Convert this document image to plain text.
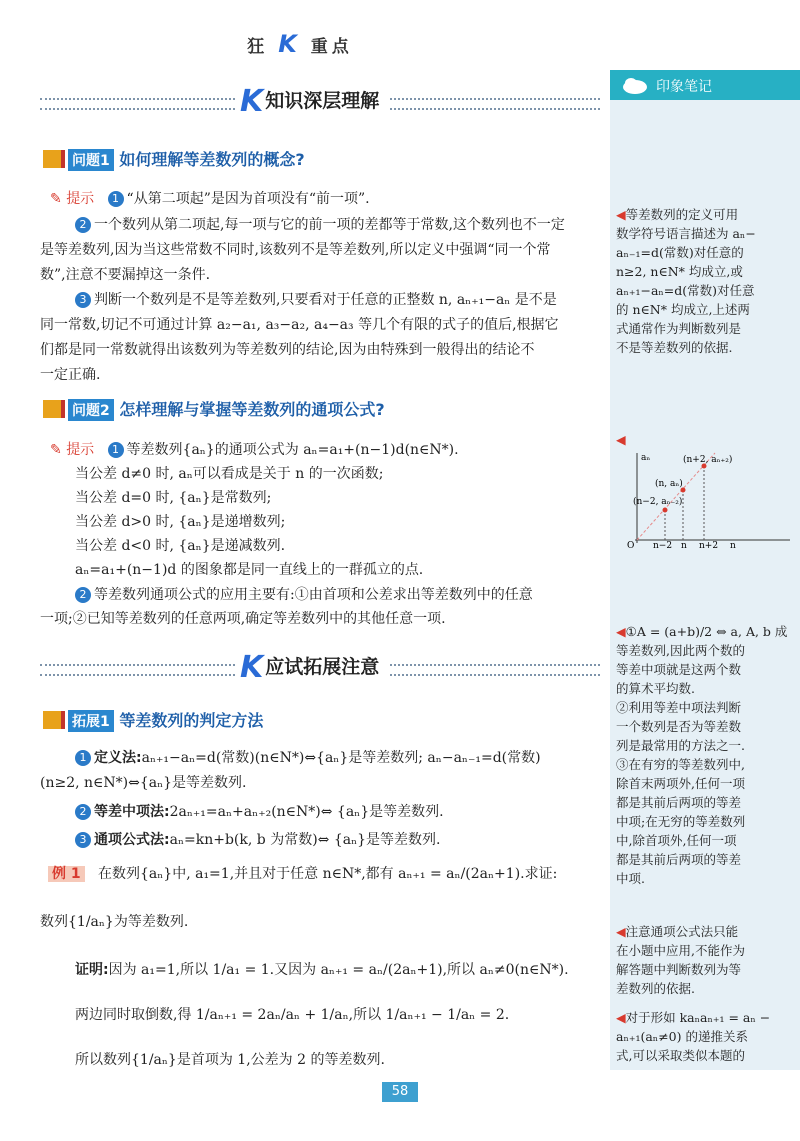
狂 K 重点
印象笔记
◀等差数列的定义可用
数学符号语言描述为 aₙ−
aₙ₋₁=d(常数)对任意的
n≥2, n∈N* 均成立,或
aₙ₊₁−aₙ=d(常数)对任意
的 n∈N* 均成立,上述两
式通常作为判断数列是
不是等差数列的依据.
◀
aₙ	(n+2, aₙ₊₂)
(n, aₙ)
(n−2, aₙ₋₂)
O n−2 n n+2 n
◀①A = (a+b)/2 ⇔ a, A, b 成
等差数列,因此两个数的
等差中项就是这两个数
的算术平均数.
②利用等差中项法判断
一个数列是否为等差数
列是最常用的方法之一.
③在有穷的等差数列中,
除首末两项外,任何一项
都是其前后两项的等差
中项;在无穷的等差数列
中,除首项外,任何一项
都是其前后两项的等差
中项.
◀注意通项公式法只能
在小题中应用,不能作为
解答题中判断数列为等
差数列的依据.
◀对于形如 kaₙaₙ₊₁ = aₙ −
aₙ₊₁(aₙ≠0) 的递推关系
式,可以采取类似本题的
K知识深层理解
问题1 如何理解等差数列的概念?
✎ 提示 1 “从第二项起”是因为首项没有“前一项”.
2 一个数列从第二项起,每一项与它的前一项的差都等于常数,这个数列也不一定
是等差数列,因为当这些常数不同时,该数列不是等差数列,所以定义中强调“同一个常
数”,注意不要漏掉这一条件.
3 判断一个数列是不是等差数列,只要看对于任意的正整数 n, aₙ₊₁−aₙ 是不是
同一常数,切记不可通过计算 a₂−a₁, a₃−a₂, a₄−a₃ 等几个有限的式子的值后,根据它
们都是同一常数就得出该数列为等差数列的结论,因为由特殊到一般得出的结论不
一定正确.
问题2 怎样理解与掌握等差数列的通项公式?
✎ 提示 1 等差数列{aₙ}的通项公式为 aₙ=a₁+(n−1)d(n∈N*).
当公差 d≠0 时, aₙ可以看成是关于 n 的一次函数;
当公差 d=0 时, {aₙ}是常数列;
当公差 d>0 时, {aₙ}是递增数列;
当公差 d<0 时, {aₙ}是递减数列.
aₙ=a₁+(n−1)d 的图象都是同一直线上的一群孤立的点.
2 等差数列通项公式的应用主要有:①由首项和公差求出等差数列中的任意
一项;②已知等差数列的任意两项,确定等差数列中的其他任意一项.
K应试拓展注意
拓展1 等差数列的判定方法
1 定义法:aₙ₊₁−aₙ=d(常数)(n∈N*)⇔{aₙ}是等差数列; aₙ−aₙ₋₁=d(常数)
(n≥2, n∈N*)⇔{aₙ}是等差数列.
2 等差中项法:2aₙ₊₁=aₙ+aₙ₊₂(n∈N*)⇔ {aₙ}是等差数列.
3 通项公式法:aₙ=kn+b(k, b 为常数)⇔ {aₙ}是等差数列.
例 1 在数列{aₙ}中, a₁=1,并且对于任意 n∈N*,都有 aₙ₊₁ = aₙ/(2aₙ+1).求证:
数列{1/aₙ}为等差数列.
证明:因为 a₁=1,所以 1/a₁ = 1.又因为 aₙ₊₁ = aₙ/(2aₙ+1),所以 aₙ≠0(n∈N*).
两边同时取倒数,得 1/aₙ₊₁ = 2aₙ/aₙ + 1/aₙ,所以 1/aₙ₊₁ − 1/aₙ = 2.
所以数列{1/aₙ}是首项为 1,公差为 2 的等差数列.
58
